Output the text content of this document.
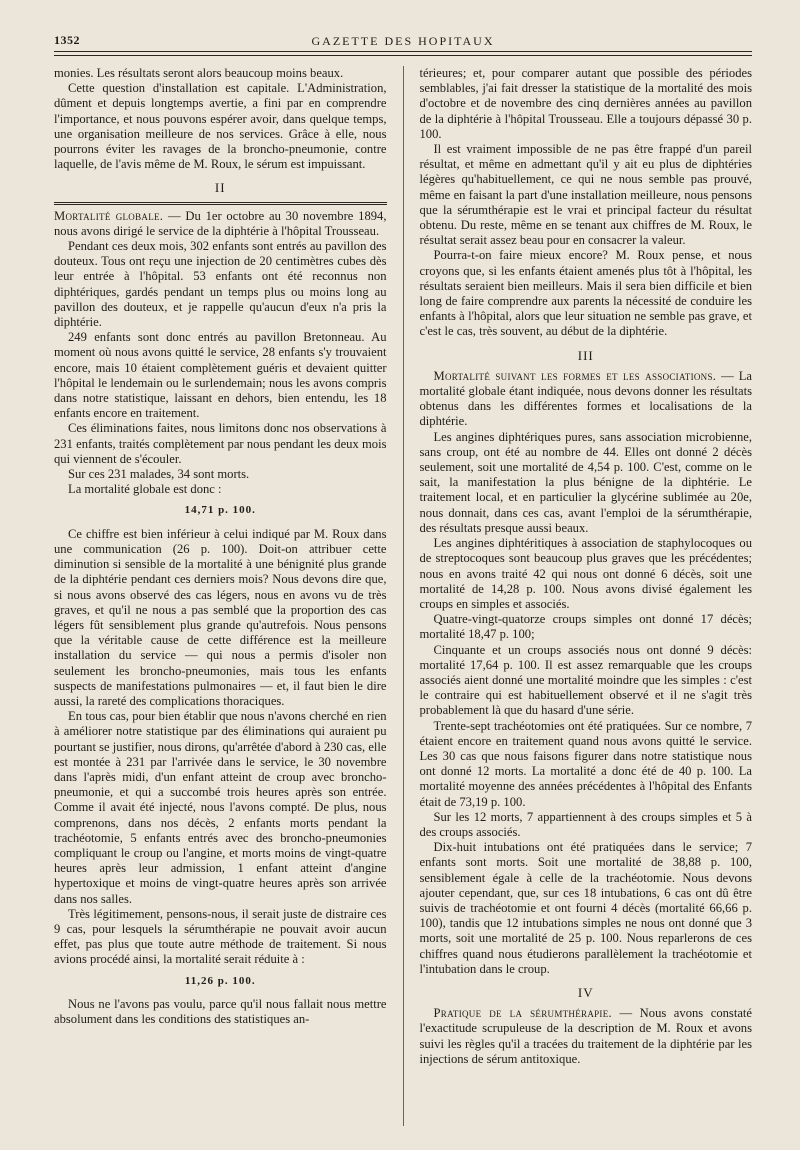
1352	GAZETTE DES HOPITAUX

monies. Les résultats seront alors beaucoup moins beaux.

Cette question d'installation est capitale. L'Administration, dûment et depuis longtemps avertie, a fini par en comprendre l'importance, et nous pouvons espérer avoir, dans quelque temps, une organisation meilleure de nos services. Grâce à elle, nous pourrons éviter les ravages de la broncho-pneumonie, contre laquelle, de l'avis même de M. Roux, le sérum est impuissant.

II

Mortalité globale. — Du 1er octobre au 30 novembre 1894, nous avons dirigé le service de la diphtérie à l'hôpital Trousseau.

Pendant ces deux mois, 302 enfants sont entrés au pavillon des douteux. Tous ont reçu une injection de 20 centimètres cubes dès leur entrée à l'hôpital. 53 enfants ont été reconnus non diphtériques, gardés pendant un temps plus ou moins long au pavillon des douteux, et je rappelle qu'aucun d'eux n'a pris la diphtérie.

249 enfants sont donc entrés au pavillon Bretonneau. Au moment où nous avons quitté le service, 28 enfants s'y trouvaient encore, mais 10 étaient complètement guéris et devaient quitter l'hôpital le lendemain ou le surlendemain; nous les avons compris dans notre statistique, laissant en dehors, bien entendu, les 18 enfants encore en traitement.

Ces éliminations faites, nous limitons donc nos observations à 231 enfants, traités complètement par nous pendant les deux mois qui viennent de s'écouler.

Sur ces 231 malades, 34 sont morts.

La mortalité globale est donc :

14,71 p. 100.

Ce chiffre est bien inférieur à celui indiqué par M. Roux dans une communication (26 p. 100). Doit-on attribuer cette diminution si sensible de la mortalité à une bénignité plus grande de la diphtérie pendant ces derniers mois? Nous devons dire que, si nous avons observé des cas légers, nous en avons vu de très graves, et qu'il ne nous a pas semblé que la proportion des cas légers fût sensiblement plus grande qu'autrefois. Nous pensons que la véritable cause de cette différence est la meilleure installation du service — qui nous a permis d'isoler non seulement les broncho-pneumonies, mais tous les enfants suspects de manifestations pulmonaires — et, il faut bien le dire aussi, la rareté des complications thoraciques.

En tous cas, pour bien établir que nous n'avons cherché en rien à améliorer notre statistique par des éliminations qui auraient pu pourtant se justifier, nous dirons, qu'arrêtée d'abord à 230 cas, elle est montée à 231 par l'arrivée dans le service, le 30 novembre dans l'après midi, d'un enfant atteint de croup avec broncho-pneumonie, et qui a succombé trois heures après son entrée. Comme il avait été injecté, nous l'avons compté. De plus, nous comprenons, dans nos décès, 2 enfants morts pendant la trachéotomie, 5 enfants entrés avec des broncho-pneumonies compliquant le croup ou l'angine, et morts moins de vingt-quatre heures après leur admission, 1 enfant atteint d'angine hypertoxique et moins de vingt-quatre heures après son arrivée dans nos salles.

Très légitimement, pensons-nous, il serait juste de distraire ces 9 cas, pour lesquels la sérumthérapie ne pouvait avoir aucun effet, pas plus que toute autre méthode de traitement. Si nous avions procédé ainsi, la mortalité serait réduite à :

11,26 p. 100.

Nous ne l'avons pas voulu, parce qu'il nous fallait nous mettre absolument dans les conditions des statistiques an-

térieures; et, pour comparer autant que possible des périodes semblables, j'ai fait dresser la statistique de la mortalité des mois d'octobre et de novembre des cinq dernières années au pavillon de la diphtérie à l'hôpital Trousseau. Elle a toujours dépassé 30 p. 100.

Il est vraiment impossible de ne pas être frappé d'un pareil résultat, et même en admettant qu'il y ait eu plus de diphtéries légères qu'habituellement, ce qui ne nous semble pas prouvé, même en faisant la part d'une installation meilleure, nous pensons que la sérumthérapie est le vrai et principal facteur du résultat obtenu. Du reste, même en se tenant aux chiffres de M. Roux, le résultat serait assez beau pour en consacrer la valeur.

Pourra-t-on faire mieux encore? M. Roux pense, et nous croyons que, si les enfants étaient amenés plus tôt à l'hôpital, les résultats seraient bien meilleurs. Mais il sera bien difficile et bien long de faire comprendre aux parents la nécessité de conduire les enfants à l'hôpital, alors que leur situation ne semble pas grave, et c'est le cas, très souvent, au début de la diphtérie.

III

Mortalité suivant les formes et les associations. — La mortalité globale étant indiquée, nous devons donner les résultats obtenus dans les différentes formes et localisations de la diphtérie.

Les angines diphtériques pures, sans association microbienne, sans croup, ont été au nombre de 44. Elles ont donné 2 décès seulement, soit une mortalité de 4,54 p. 100. C'est, comme on le sait, la manifestation la plus bénigne de la diphtérie. Le traitement local, et en particulier la glycérine sublimée au 20e, nous donnait, dans ces cas, avant l'emploi de la sérumthérapie, des résultats presque aussi beaux.

Les angines diphtéritiques à association de staphylocoques ou de streptocoques sont beaucoup plus graves que les précédentes; nous en avons traité 42 qui nous ont donné 6 décès, soit une mortalité de 14,28 p. 100. Nous avons divisé également les croups en simples et associés.

Quatre-vingt-quatorze croups simples ont donné 17 décès; mortalité 18,47 p. 100;

Cinquante et un croups associés nous ont donné 9 décès: mortalité 17,64 p. 100. Il est assez remarquable que les croups associés aient donné une mortalité moindre que les simples : c'est le contraire qui est habituellement observé et il ne s'agit très probablement là que du hasard d'une série.

Trente-sept trachéotomies ont été pratiquées. Sur ce nombre, 7 étaient encore en traitement quand nous avons quitté le service. Les 30 cas que nous faisons figurer dans notre statistique nous ont donné 12 morts. La mortalité a donc été de 40 p. 100. La mortalité moyenne des années précédentes à l'hôpital des Enfants était de 73,19 p. 100.

Sur les 12 morts, 7 appartiennent à des croups simples et 5 à des croups associés.

Dix-huit intubations ont été pratiquées dans le service; 7 enfants sont morts. Soit une mortalité de 38,88 p. 100, sensiblement égale à celle de la trachéotomie. Nous devons ajouter cependant, que, sur ces 18 intubations, 6 cas ont dû être suivis de trachéotomie et ont fourni 4 décès (mortalité 66,66 p. 100), tandis que 12 intubations simples ne nous ont donné que 3 morts, soit une mortalité de 25 p. 100. Nous reparlerons de ces chiffres quand nous étudierons parallèlement la trachéotomie et l'intubation dans le croup.

IV

Pratique de la sérumthérapie. — Nous avons constaté l'exactitude scrupuleuse de la description de M. Roux et avons suivi les règles qu'il a tracées du traitement de la diphtérie par les injections de sérum antitoxique.
